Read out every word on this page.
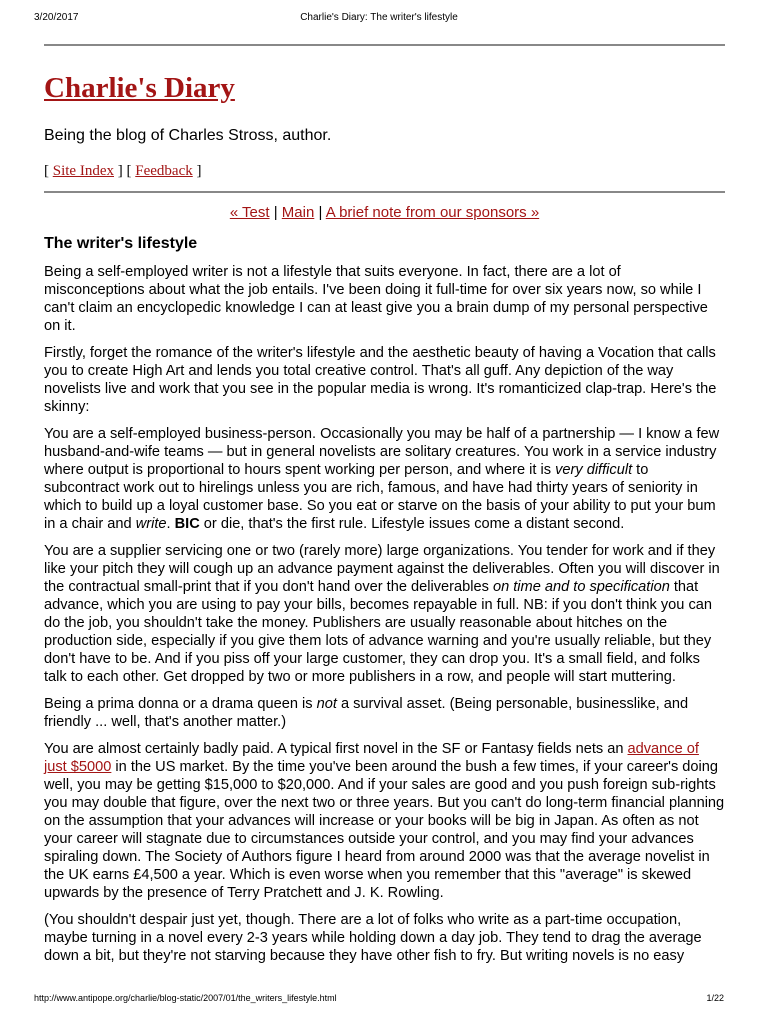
3/20/2017	Charlie's Diary: The writer's lifestyle
Charlie's Diary
Being the blog of Charles Stross, author.
[ Site Index ] [ Feedback ]
« Test | Main | A brief note from our sponsors »
The writer's lifestyle

Being a self-employed writer is not a lifestyle that suits everyone. In fact, there are a lot of misconceptions about what the job entails. I've been doing it full-time for over six years now, so while I can't claim an encyclopedic knowledge I can at least give you a brain dump of my personal perspective on it.

Firstly, forget the romance of the writer's lifestyle and the aesthetic beauty of having a Vocation that calls you to create High Art and lends you total creative control. That's all guff. Any depiction of the way novelists live and work that you see in the popular media is wrong. It's romanticized clap-trap. Here's the skinny:

You are a self-employed business-person. Occasionally you may be half of a partnership — I know a few husband-and-wife teams — but in general novelists are solitary creatures. You work in a service industry where output is proportional to hours spent working per person, and where it is very difficult to subcontract work out to hirelings unless you are rich, famous, and have had thirty years of seniority in which to build up a loyal customer base. So you eat or starve on the basis of your ability to put your bum in a chair and write. BIC or die, that's the first rule. Lifestyle issues come a distant second.

You are a supplier servicing one or two (rarely more) large organizations. You tender for work and if they like your pitch they will cough up an advance payment against the deliverables. Often you will discover in the contractual small-print that if you don't hand over the deliverables on time and to specification that advance, which you are using to pay your bills, becomes repayable in full. NB: if you don't think you can do the job, you shouldn't take the money. Publishers are usually reasonable about hitches on the production side, especially if you give them lots of advance warning and you're usually reliable, but they don't have to be. And if you piss off your large customer, they can drop you. It's a small field, and folks talk to each other. Get dropped by two or more publishers in a row, and people will start muttering.

Being a prima donna or a drama queen is not a survival asset. (Being personable, businesslike, and friendly ... well, that's another matter.)

You are almost certainly badly paid. A typical first novel in the SF or Fantasy fields nets an advance of just $5000 in the US market. By the time you've been around the bush a few times, if your career's doing well, you may be getting $15,000 to $20,000. And if your sales are good and you push foreign sub-rights you may double that figure, over the next two or three years. But you can't do long-term financial planning on the assumption that your advances will increase or your books will be big in Japan. As often as not your career will stagnate due to circumstances outside your control, and you may find your advances spiraling down. The Society of Authors figure I heard from around 2000 was that the average novelist in the UK earns £4,500 a year. Which is even worse when you remember that this "average" is skewed upwards by the presence of Terry Pratchett and J. K. Rowling.

(You shouldn't despair just yet, though. There are a lot of folks who write as a part-time occupation, maybe turning in a novel every 2-3 years while holding down a day job. They tend to drag the average down a bit, but they're not starving because they have other fish to fry. But writing novels is no easy

http://www.antipope.org/charlie/blog-static/2007/01/the_writers_lifestyle.html	1/22
